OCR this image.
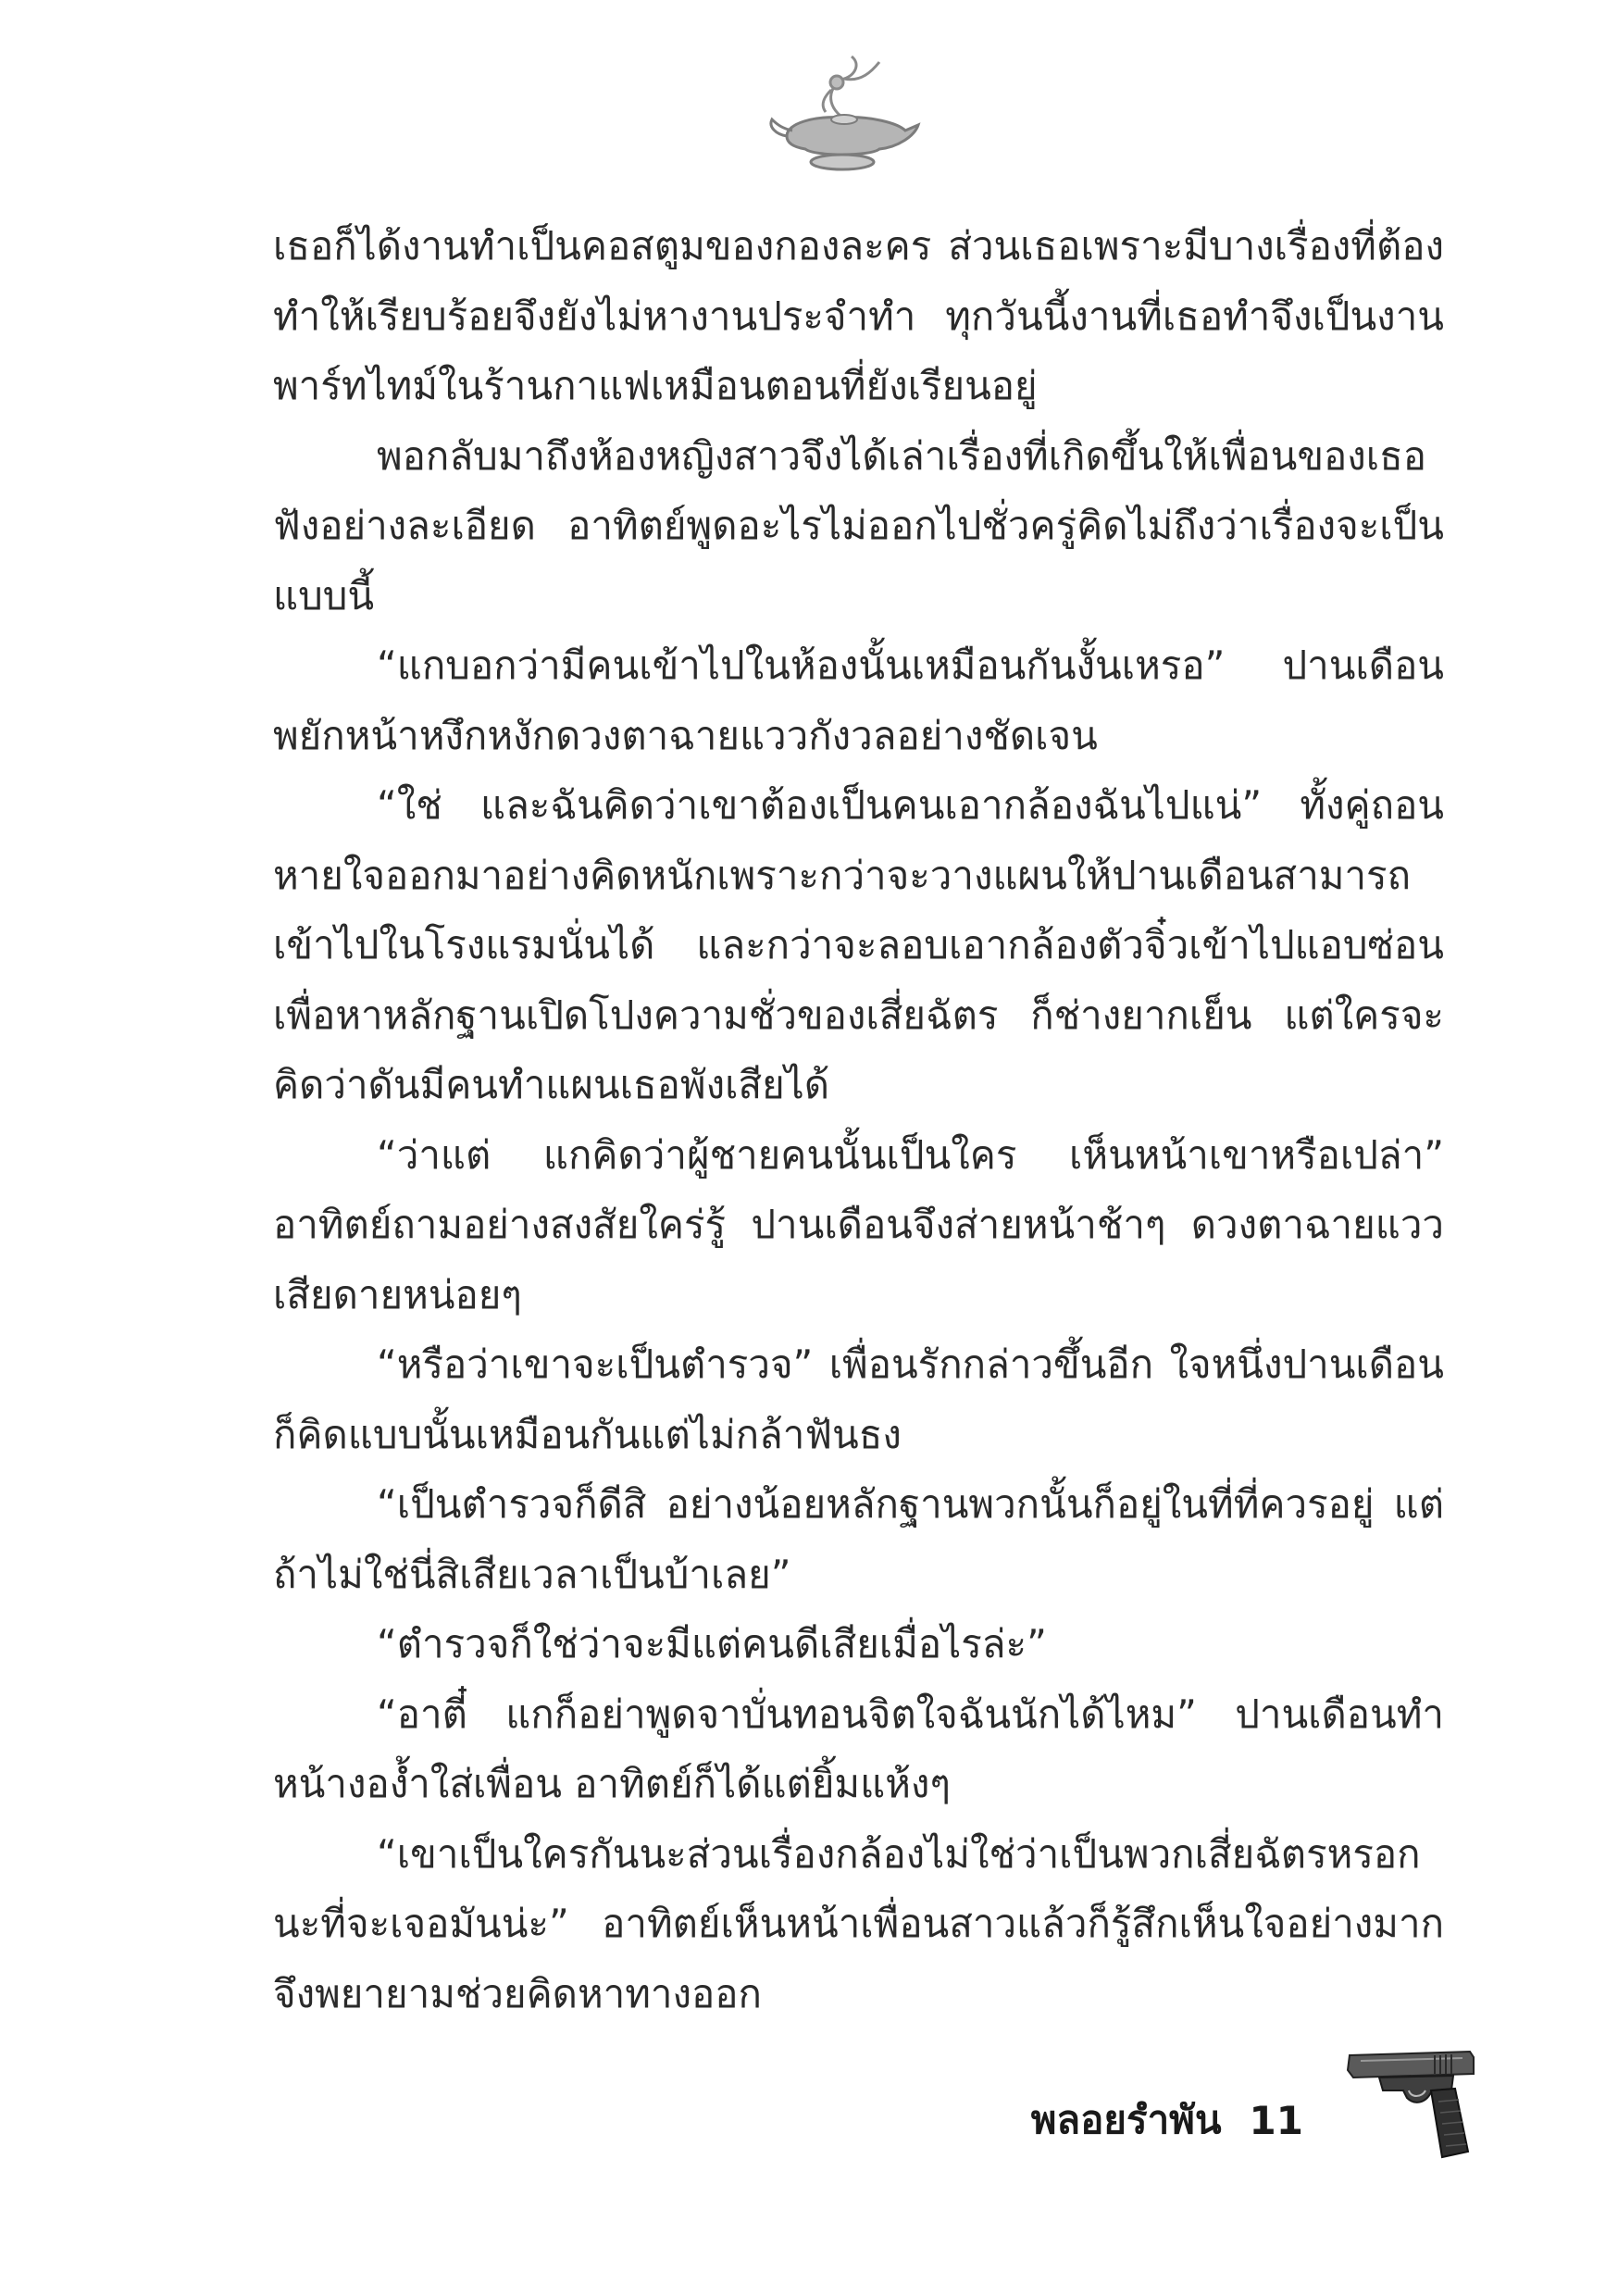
เธอก็ได้งานทำเป็นคอสตูมของกองละคร ส่วนเธอเพราะมีบางเรื่องที่ต้องทำให้เรียบร้อยจึงยังไม่หางานประจำทำ ทุกวันนี้งานที่เธอทำจึงเป็นงานพาร์ทไทม์ในร้านกาแฟเหมือนตอนที่ยังเรียนอยู่

พอกลับมาถึงห้องหญิงสาวจึงได้เล่าเรื่องที่เกิดขึ้นให้เพื่อนของเธอฟังอย่างละเอียด อาทิตย์พูดอะไรไม่ออกไปชั่วครู่คิดไม่ถึงว่าเรื่องจะเป็นแบบนี้

“แกบอกว่ามีคนเข้าไปในห้องนั้นเหมือนกันงั้นเหรอ” ปานเดือนพยักหน้าหงึกหงักดวงตาฉายแววกังวลอย่างชัดเจน

“ใช่ และฉันคิดว่าเขาต้องเป็นคนเอากล้องฉันไปแน่” ทั้งคู่ถอนหายใจออกมาอย่างคิดหนักเพราะกว่าจะวางแผนให้ปานเดือนสามารถเข้าไปในโรงแรมนั่นได้ และกว่าจะลอบเอากล้องตัวจิ๋วเข้าไปแอบซ่อนเพื่อหาหลักฐานเปิดโปงความชั่วของเสี่ยฉัตร ก็ช่างยากเย็น แต่ใครจะคิดว่าดันมีคนทำแผนเธอพังเสียได้

“ว่าแต่ แกคิดว่าผู้ชายคนนั้นเป็นใคร เห็นหน้าเขาหรือเปล่า” อาทิตย์ถามอย่างสงสัยใคร่รู้ ปานเดือนจึงส่ายหน้าช้าๆ ดวงตาฉายแววเสียดายหน่อยๆ

“หรือว่าเขาจะเป็นตำรวจ” เพื่อนรักกล่าวขึ้นอีก ใจหนึ่งปานเดือนก็คิดแบบนั้นเหมือนกันแต่ไม่กล้าฟันธง

“เป็นตำรวจก็ดีสิ อย่างน้อยหลักฐานพวกนั้นก็อยู่ในที่ที่ควรอยู่ แต่ถ้าไม่ใช่นี่สิเสียเวลาเป็นบ้าเลย”

“ตำรวจก็ใช่ว่าจะมีแต่คนดีเสียเมื่อไรล่ะ”

“อาตี๋ แกก็อย่าพูดจาบั่นทอนจิตใจฉันนักได้ไหม” ปานเดือนทำหน้างอง้ำใส่เพื่อน อาทิตย์ก็ได้แต่ยิ้มแห้งๆ

“เขาเป็นใครกันนะส่วนเรื่องกล้องไม่ใช่ว่าเป็นพวกเสี่ยฉัตรหรอกนะที่จะเจอมันน่ะ” อาทิตย์เห็นหน้าเพื่อนสาวแล้วก็รู้สึกเห็นใจอย่างมากจึงพยายามช่วยคิดหาทางออก

พลอยรำพัน 11
